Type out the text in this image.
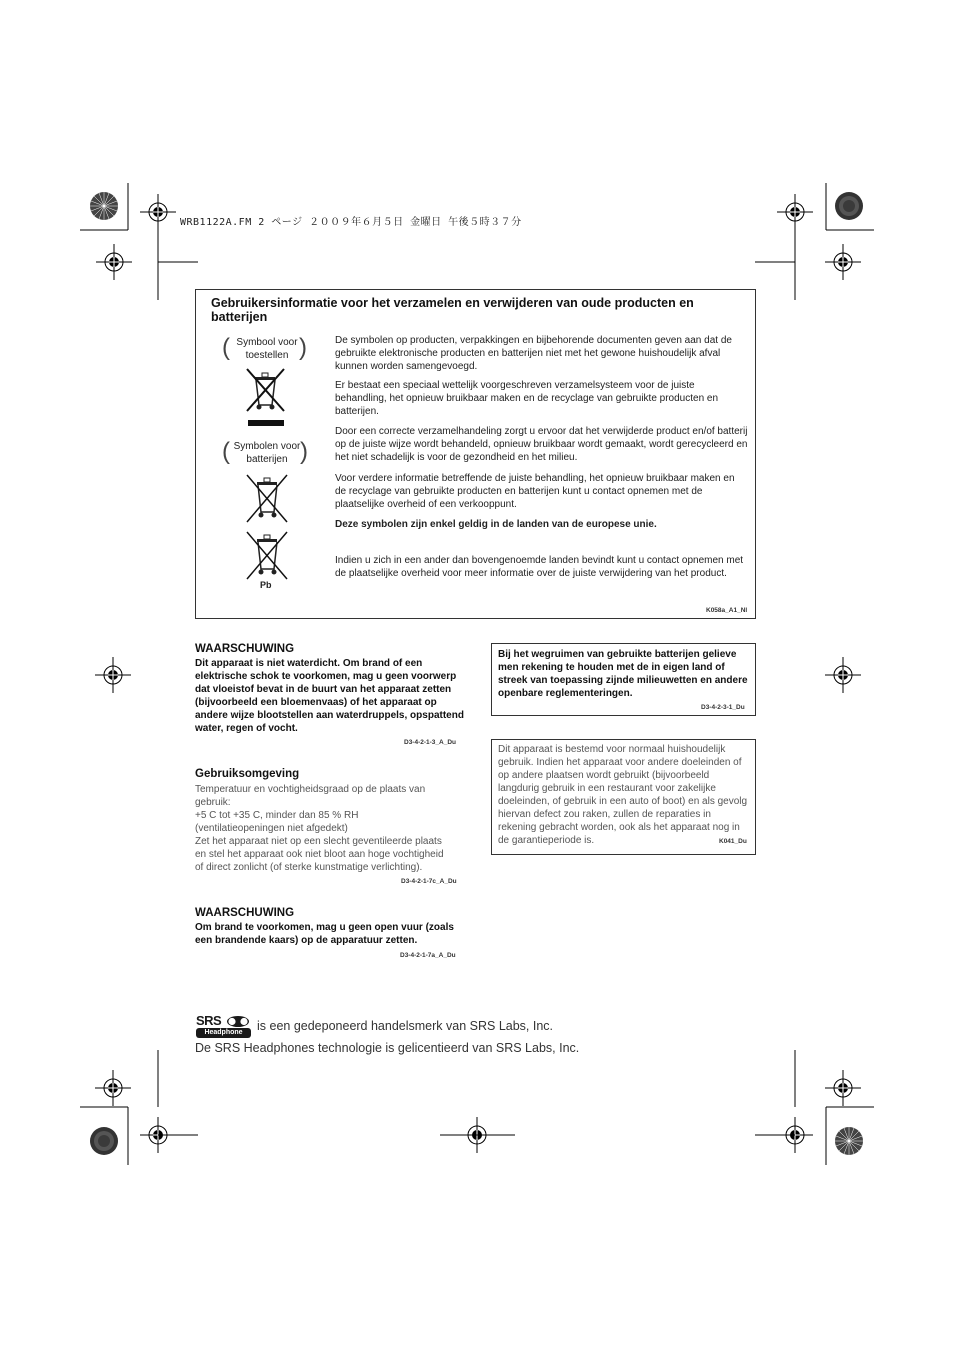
WRB1122A.FM 2 ページ ２００９年６月５日 金曜日 午後５時３７分
Gebruikersinformatie voor het verzamelen en verwijderen van oude producten en batterijen
( Symbool voor toestellen )
( Symbolen voor batterijen )
Pb
De symbolen op producten, verpakkingen en bijbehorende documenten geven aan dat de gebruikte elektronische producten en batterijen niet met het gewone huishoudelijk afval kunnen worden samengevoegd.
Er bestaat een speciaal wettelijk voorgeschreven verzamelsysteem voor de juiste behandling, het opnieuw bruikbaar maken en de recyclage van gebruikte producten en batterijen.
Door een correcte verzamelhandeling zorgt u ervoor dat het verwijderde product en/of batterij op de juiste wijze wordt behandeld, opnieuw bruikbaar wordt gemaakt, wordt gerecycleerd en het niet schadelijk is voor de gezondheid en het milieu.
Voor verdere informatie betreffende de juiste behandling, het opnieuw bruikbaar maken en de recyclage van gebruikte producten en batterijen kunt u contact opnemen met de plaatselijke overheid of een verkooppunt.
Deze symbolen zijn enkel geldig in de landen van de europese unie.
Indien u zich in een ander dan bovengenoemde landen bevindt kunt u contact opnemen met de plaatselijke overheid voor meer informatie over de juiste verwijdering van het product.
K058a_A1_Nl
WAARSCHUWING
Dit apparaat is niet waterdicht. Om brand of een elektrische schok te voorkomen, mag u geen voorwerp dat vloeistof bevat in de buurt van het apparaat zetten (bijvoorbeeld een bloemenvaas) of het apparaat op andere wijze blootstellen aan waterdruppels, opspattend water, regen of vocht.
D3-4-2-1-3_A_Du
Gebruiksomgeving
Temperatuur en vochtigheidsgraad op de plaats van gebruik:
+5 C tot +35 C, minder dan 85 % RH (ventilatieopeningen niet afgedekt)
Zet het apparaat niet op een slecht geventileerde plaats en stel het apparaat ook niet bloot aan hoge vochtigheid of direct zonlicht (of sterke kunstmatige verlichting).
D3-4-2-1-7c_A_Du
WAARSCHUWING
Om brand te voorkomen, mag u geen open vuur (zoals een brandende kaars) op de apparatuur zetten.
D3-4-2-1-7a_A_Du
Bij het wegruimen van gebruikte batterijen gelieve men rekening te houden met de in eigen land of streek van toepassing zijnde milieuwetten en andere openbare reglementeringen.
D3-4-2-3-1_Du
Dit apparaat is bestemd voor normaal huishoudelijk gebruik. Indien het apparaat voor andere doeleinden of op andere plaatsen wordt gebruikt (bijvoorbeeld langdurig gebruik in een restaurant voor zakelijke doeleinden, of gebruik in een auto of boot) en als gevolg hiervan defect zou raken, zullen de reparaties in rekening gebracht worden, ook als het apparaat nog in de garantieperiode is.	K041_Du
SRS
Headphone	is een gedeponeerd handelsmerk van SRS Labs, Inc.
De SRS Headphones technologie is gelicentieerd van SRS Labs, Inc.
